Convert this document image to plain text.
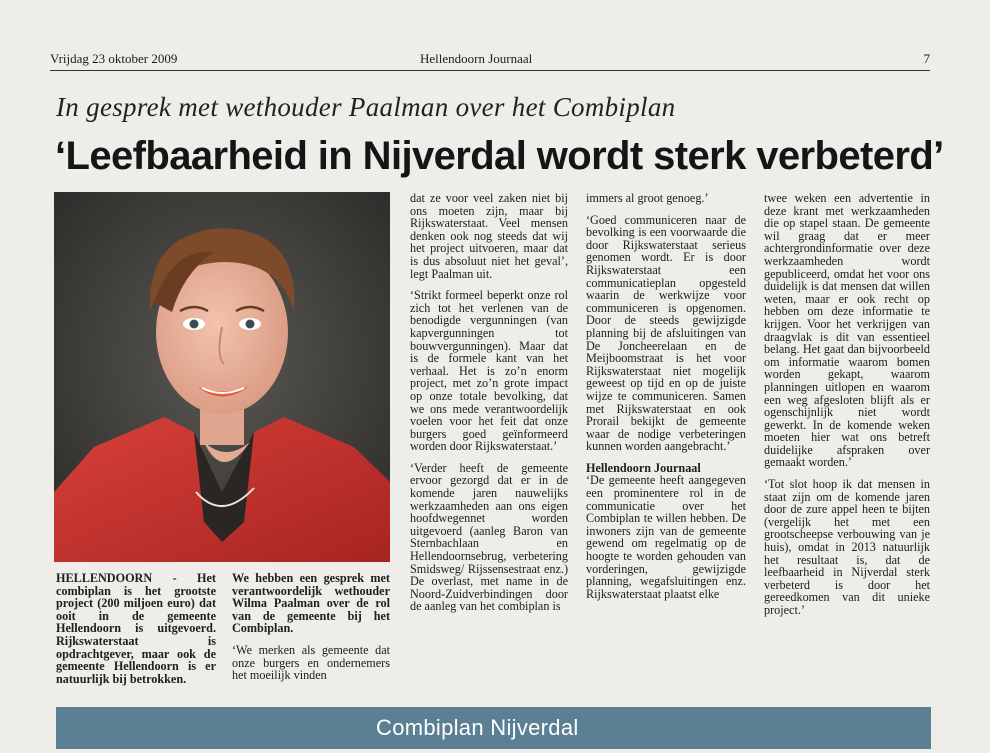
Vrijdag 23 oktober 2009	Hellendoorn Journaal	7
In gesprek met wethouder Paalman over het Combiplan
‘Leefbaarheid in Nijverdal wordt sterk verbeterd’

HELLENDOORN - Het combiplan is het grootste project (200 miljoen euro) dat ooit in de gemeente Hellendoorn is uitgevoerd. Rijkswaterstaat is opdrachtgever, maar ook de gemeente Hellendoorn is er natuurlijk bij betrokken.

We hebben een gesprek met verantwoordelijk wethouder Wilma Paalman over de rol van de gemeente bij het Combiplan.

‘We merken als gemeente dat onze burgers en ondernemers het moeilijk vinden

dat ze voor veel zaken niet bij ons moeten zijn, maar bij Rijkswaterstaat. Veel mensen denken ook nog steeds dat wij het project uitvoeren, maar dat is dus absoluut niet het geval’, legt Paalman uit.

‘Strikt formeel beperkt onze rol zich tot het verlenen van de benodigde vergunningen (van kapvergunningen tot bouwvergunningen). Maar dat is de formele kant van het verhaal. Het is zo’n enorm project, met zo’n grote impact op onze totale bevolking, dat we ons mede verantwoordelijk voelen voor het feit dat onze burgers goed geïnformeerd worden door Rijkswaterstaat.’

‘Verder heeft de gemeente ervoor gezorgd dat er in de komende jaren nauwelijks werkzaamheden aan ons eigen hoofdwegennet worden uitgevoerd (aanleg Baron van Sternbachlaan en Hellendoornsebrug, verbetering Smidsweg/ Rijssensestraat enz.) De overlast, met name in de Noord-Zuidverbindingen door de aanleg van het combiplan is

immers al groot genoeg.’

‘Goed communiceren naar de bevolking is een voorwaarde die door Rijkswaterstaat serieus genomen wordt. Er is door Rijkswaterstaat een communicatieplan opgesteld waarin de werkwijze voor communiceren is opgenomen. Door de steeds gewijzigde planning bij de afsluitingen van De Joncheerelaan en de Meijboomstraat is het voor Rijkswaterstaat niet mogelijk geweest op tijd en op de juiste wijze te communiceren. Samen met Rijkswaterstaat en ook Prorail bekijkt de gemeente waar de nodige verbeteringen kunnen worden aangebracht.’

Hellendoorn Journaal

‘De gemeente heeft aangegeven een prominentere rol in de communicatie over het Combiplan te willen hebben. De inwoners zijn van de gemeente gewend om regelmatig op de hoogte te worden gehouden van vorderingen, gewijzigde planning, wegafsluitingen enz. Rijkswaterstaat plaatst elke

twee weken een advertentie in deze krant met werkzaamheden die op stapel staan. De gemeente wil graag dat er meer achtergrondinformatie over deze werkzaamheden wordt gepubliceerd, omdat het voor ons duidelijk is dat mensen dat willen weten, maar er ook recht op hebben om deze informatie te krijgen. Voor het verkrijgen van draagvlak is dit van essentieel belang. Het gaat dan bijvoorbeeld om informatie waarom bomen worden gekapt, waarom planningen uitlopen en waarom een weg afgesloten blijft als er ogenschijnlijk niet wordt gewerkt. In de komende weken moeten hier wat ons betreft duidelijke afspraken over gemaakt worden.’

‘Tot slot hoop ik dat mensen in staat zijn om de komende jaren door de zure appel heen te bijten (vergelijk het met een grootscheepse verbouwing van je huis), omdat in 2013 natuurlijk het resultaat is, dat de leefbaarheid in Nijverdal sterk verbeterd is door het gereedkomen van dit unieke project.’

Combiplan Nijverdal
